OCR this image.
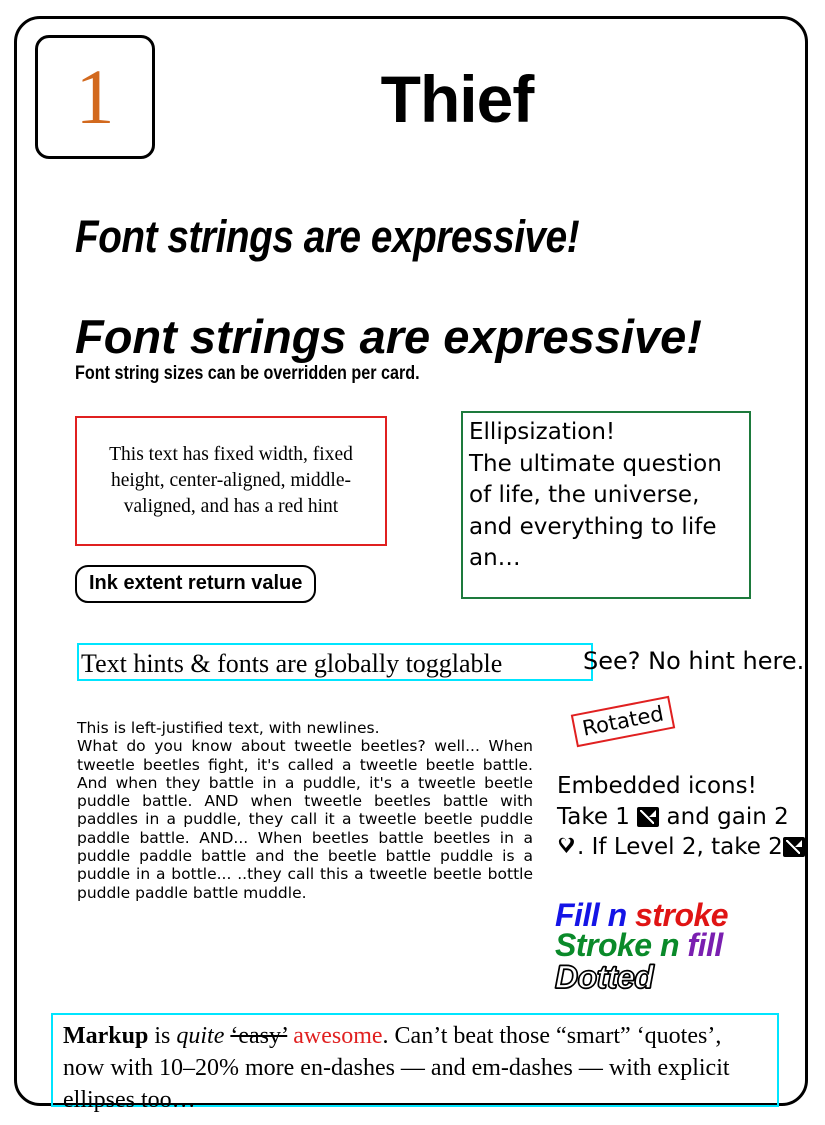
1	Thief
Font strings are expressive!
Font strings are expressive!
Font string sizes can be overridden per card.
This text has fixed width, fixed height, center-aligned, middle-valigned, and has a red hint
Ellipsization!
The ultimate question of life, the universe, and everything to life an…
Ink extent return value
Text hints & fonts are globally togglable	See? No hint here.
This is left-justified text, with newlines.
What do you know about tweetle beetles? well... When tweetle beetles fight, it's called a tweetle beetle battle. And when they battle in a puddle, it's a tweetle beetle puddle battle. AND when tweetle beetles battle with paddles in a puddle, they call it a tweetle beetle puddle paddle battle. AND... When beetles battle beetles in a puddle paddle battle and the beetle battle puddle is a puddle in a bottle... ..they call this a tweetle beetle bottle puddle paddle battle muddle.
Rotated
Embedded icons!
Take 1  and gain 2♥ ♥. If Level 2, take 2
Fill n stroke
Stroke n fill
Dotted
Markup is quite ‘easy’ awesome. Can’t beat those “smart” ‘quotes’, now with 10–20% more en-dashes — and em-dashes — with explicit ellipses too…
